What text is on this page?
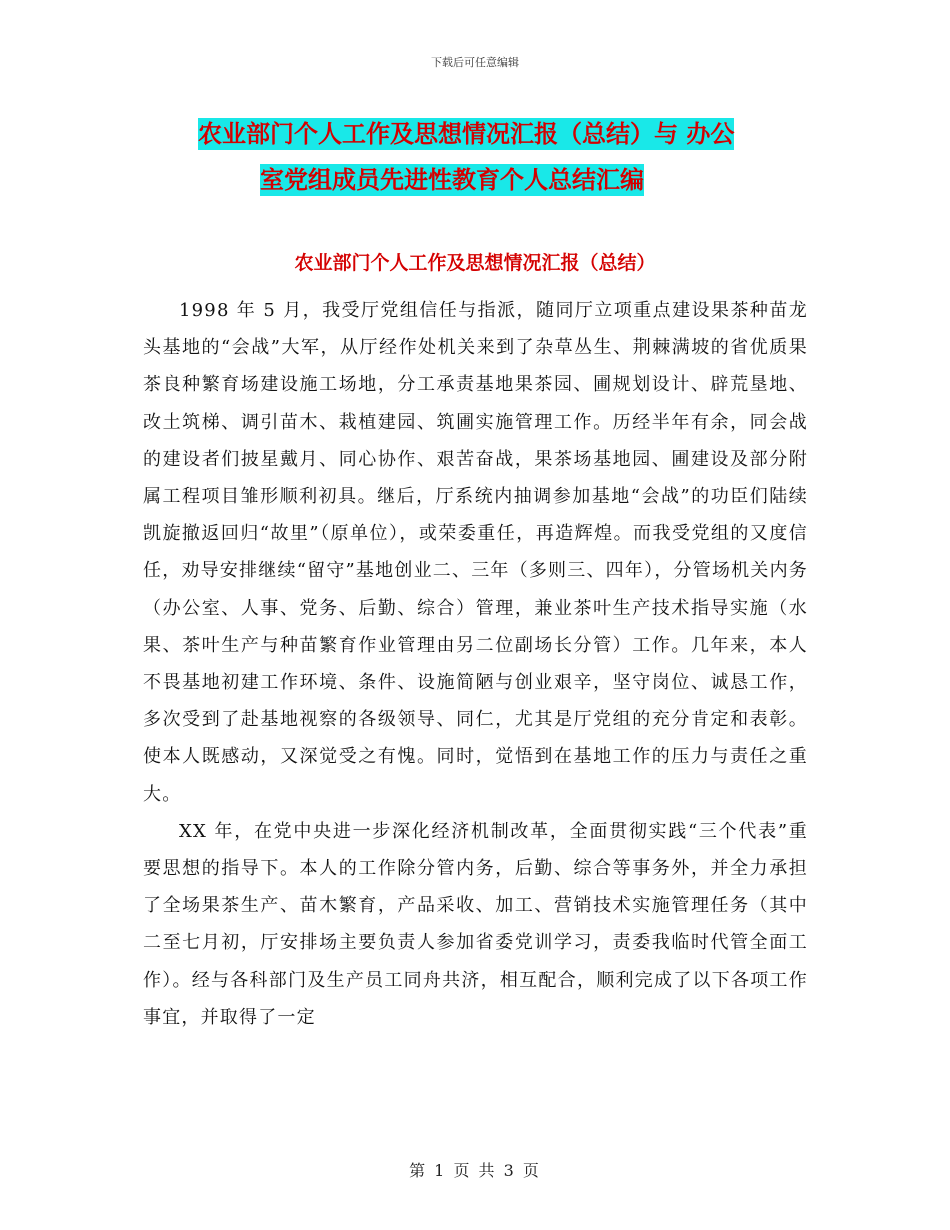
下载后可任意编辑
农业部门个人工作及思想情况汇报（总结）与 办公
室党组成员先进性教育个人总结汇编
农业部门个人工作及思想情况汇报（总结）

1998 年 5 月，我受厅党组信任与指派，随同厅立项重点建设果茶种苗龙头基地的“会战”大军，从厅经作处机关来到了杂草丛生、荆棘满坡的省优质果茶良种繁育场建设施工场地，分工承责基地果茶园、圃规划设计、辟荒垦地、改土筑梯、调引苗木、栽植建园、筑圃实施管理工作。历经半年有余，同会战的建设者们披星戴月、同心协作、艰苦奋战，果茶场基地园、圃建设及部分附属工程项目雏形顺利初具。继后，厅系统内抽调参加基地“会战”的功臣们陆续凯旋撤返回归“故里”（原单位），或荣委重任，再造辉煌。而我受党组的又度信任，劝导安排继续“留守”基地创业二、三年（多则三、四年），分管场机关内务（办公室、人事、党务、后勤、综合）管理，兼业茶叶生产技术指导实施（水果、茶叶生产与种苗繁育作业管理由另二位副场长分管）工作。几年来，本人不畏基地初建工作环境、条件、设施简陋与创业艰辛，坚守岗位、诚恳工作，多次受到了赴基地视察的各级领导、同仁，尤其是厅党组的充分肯定和表彰。使本人既感动，又深觉受之有愧。同时，觉悟到在基地工作的压力与责任之重大。

XX 年，在党中央进一步深化经济机制改革，全面贯彻实践“三个代表”重要思想的指导下。本人的工作除分管内务，后勤、综合等事务外，并全力承担了全场果茶生产、苗木繁育，产品采收、加工、营销技术实施管理任务（其中二至七月初，厅安排场主要负责人参加省委党训学习，责委我临时代管全面工作）。经与各科部门及生产员工同舟共济，相互配合，顺利完成了以下各项工作事宜，并取得了一定

第 1 页 共 3 页
